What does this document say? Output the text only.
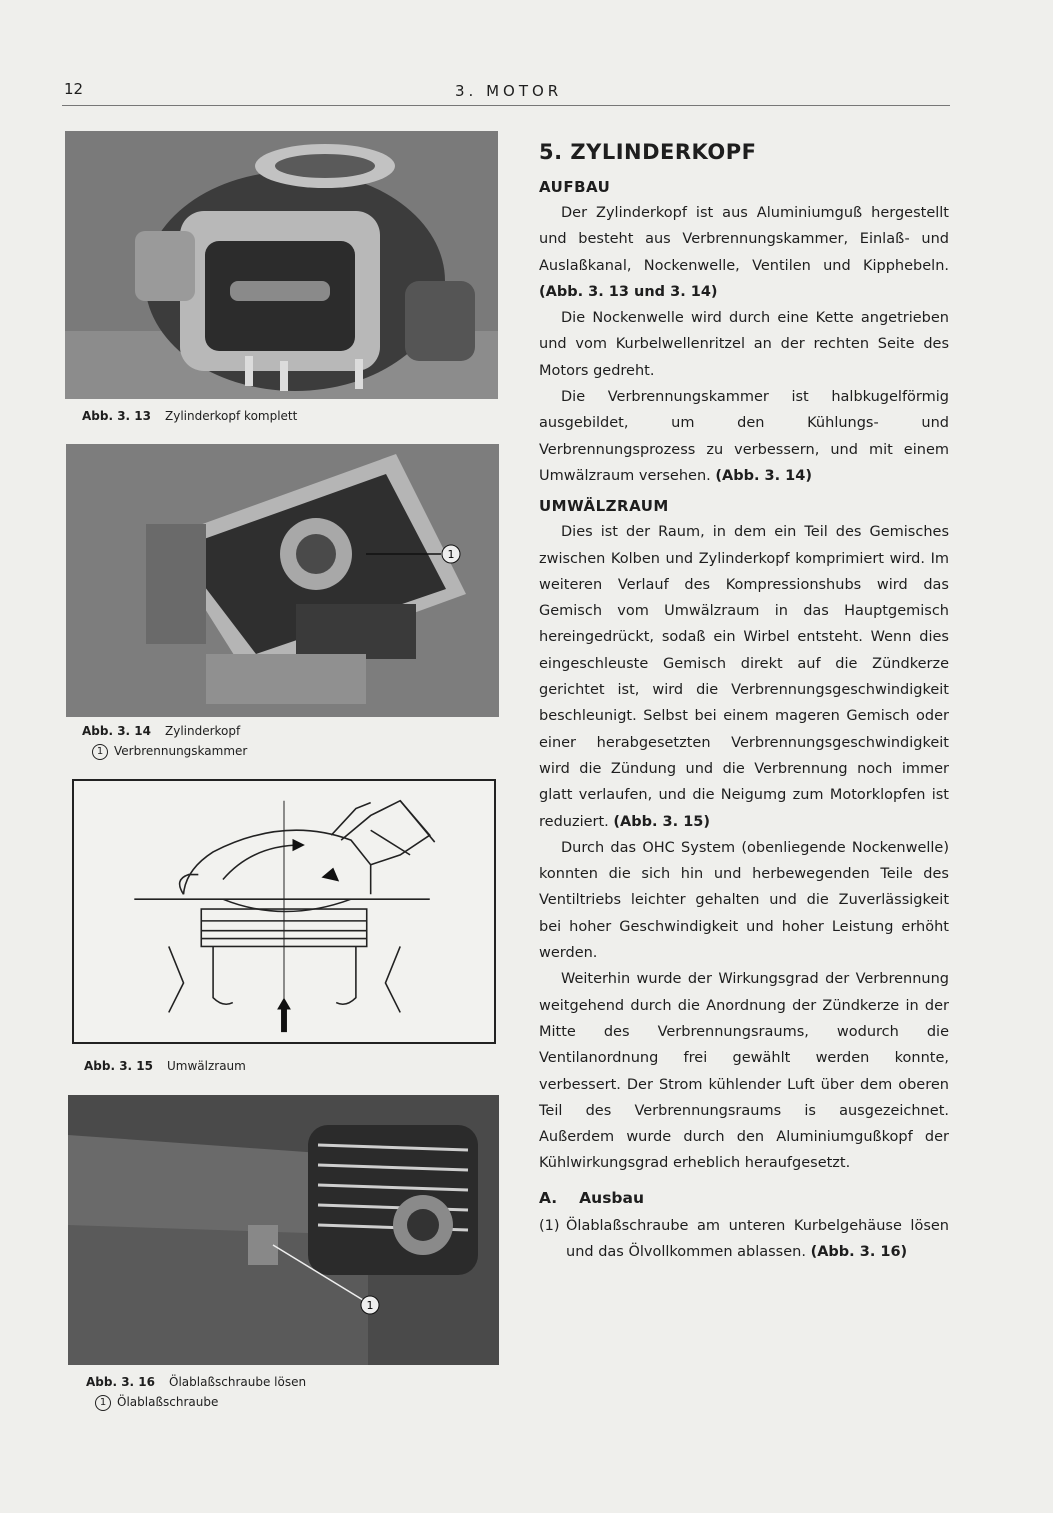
12	3. MOTOR
Abb. 3. 13 Zylinderkopf komplett
1
Abb. 3. 14 Zylinderkopf
1 Verbrennungskammer
Abb. 3. 15 Umwälzraum
1
Abb. 3. 16 Ölablaßschraube lösen
1 Ölablaßschraube
5. ZYLINDERKOPF
AUFBAU

Der Zylinderkopf ist aus Aluminiumguß hergestellt und besteht aus Verbrennungskammer, Einlaß- und Auslaßkanal, Nockenwelle, Ventilen und Kipphebeln. (Abb. 3. 13 und 3. 14)

Die Nockenwelle wird durch eine Kette angetrieben und vom Kurbelwellenritzel an der rechten Seite des Motors gedreht.

Die Verbrennungskammer ist halbkugelförmig ausgebildet, um den Kühlungs- und Verbrennungsprozess zu verbessern, und mit einem Umwälzraum versehen. (Abb. 3. 14)

UMWÄLZRAUM

Dies ist der Raum, in dem ein Teil des Gemisches zwischen Kolben und Zylinderkopf komprimiert wird. Im weiteren Verlauf des Kompressionshubs wird das Gemisch vom Umwälzraum in das Hauptgemisch hereingedrückt, sodaß ein Wirbel entsteht. Wenn dies eingeschleuste Gemisch direkt auf die Zündkerze gerichtet ist, wird die Verbrennungsgeschwindigkeit beschleunigt. Selbst bei einem mageren Gemisch oder einer herabgesetzten Verbrennungsgeschwindigkeit wird die Zündung und die Verbrennung noch immer glatt verlaufen, und die Neigumg zum Motorklopfen ist reduziert. (Abb. 3. 15)

Durch das OHC System (obenliegende Nockenwelle) konnten die sich hin und herbewegenden Teile des Ventiltriebs leichter gehalten und die Zuverlässigkeit bei hoher Geschwindigkeit und hoher Leistung erhöht werden.

Weiterhin wurde der Wirkungsgrad der Verbrennung weitgehend durch die Anordnung der Zündkerze in der Mitte des Verbrennungsraums, wodurch die Ventilanordnung frei gewählt werden konnte, verbessert. Der Strom kühlender Luft über dem oberen Teil des Verbrennungsraums is ausgezeichnet. Außerdem wurde durch den Aluminiumgußkopf der Kühlwirkungsgrad erheblich heraufgesetzt.

A. Ausbau
(1) Ölablaßschraube am unteren Kurbelgehäuse lösen und das Ölvollkommen ablassen. (Abb. 3. 16)
